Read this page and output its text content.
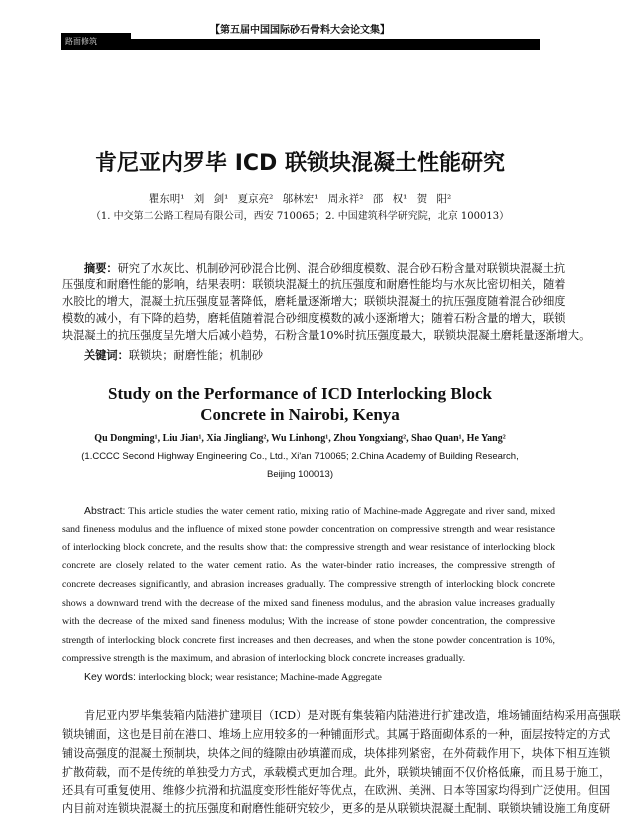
【第五届中国国际砂石骨料大会论文集】
路面修筑
肯尼亚内罗毕 ICD 联锁块混凝土性能研究
瞿东明¹ 刘 剑¹ 夏京亮² 邬林宏¹ 周永祥² 邵 权¹ 贺 阳²
（1. 中交第二公路工程局有限公司，西安 710065；2. 中国建筑科学研究院，北京 100013）
摘要：研究了水灰比、机制砂河砂混合比例、混合砂细度模数、混合砂石粉含量对联锁块混凝土抗
压强度和耐磨性能的影响，结果表明：联锁块混凝土的抗压强度和耐磨性能均与水灰比密切相关，随着
水胶比的增大，混凝土抗压强度显著降低，磨耗量逐渐增大；联锁块混凝土的抗压强度随着混合砂细度
模数的减小，有下降的趋势，磨耗值随着混合砂细度模数的减小逐渐增大；随着石粉含量的增大，联锁
块混凝土的抗压强度呈先增大后减小趋势，石粉含量10%时抗压强度最大，联锁块混凝土磨耗量逐渐增大。
关键词：联锁块；耐磨性能；机制砂
Study on the Performance of ICD Interlocking Block
Concrete in Nairobi, Kenya
Qu Dongming¹, Liu Jian¹, Xia Jingliang², Wu Linhong¹, Zhou Yongxiang², Shao Quan¹, He Yang²
(1.CCCC Second Highway Engineering Co., Ltd., Xi'an 710065; 2.China Academy of Building Research,
Beijing 100013)
Abstract: This article studies the water cement ratio, mixing ratio of Machine-made Aggregate and river sand, mixed
sand fineness modulus and the influence of mixed stone powder concentration on compressive strength and wear resistance
of interlocking block concrete, and the results show that: the compressive strength and wear resistance of interlocking block
concrete are closely related to the water cement ratio. As the water-binder ratio increases, the compressive strength of
concrete decreases significantly, and abrasion increases gradually. The compressive strength of interlocking block concrete
shows a downward trend with the decrease of the mixed sand fineness modulus, and the abrasion value increases gradually
with the decrease of the mixed sand fineness modulus; With the increase of stone powder concentration, the compressive
strength of interlocking block concrete first increases and then decreases, and when the stone powder concentration is 10%,
compressive strength is the maximum, and abrasion of interlocking block concrete increases gradually.
Key words: interlocking block; wear resistance; Machine-made Aggregate
肯尼亚内罗毕集装箱内陆港扩建项目（ICD）是对既有集装箱内陆港进行扩建改造，堆场铺面结构采用高强联
锁块铺面，这也是目前在港口、堆场上应用较多的一种铺面形式。其属于路面砌体系的一种，面层按特定的方式
铺设高强度的混凝土预制块，块体之间的缝隙由砂填灌而成，块体排列紧密，在外荷载作用下，块体下相互连锁
扩散荷载，而不是传统的单独受力方式，承载模式更加合理。此外，联锁块铺面不仅价格低廉，而且易于施工，
还具有可重复使用、维修少抗滑和抗温度变形性能好等优点，在欧洲、美洲、日本等国家均得到广泛使用。但国
内目前对连锁块混凝土的抗压强度和耐磨性能研究较少，更多的是从联锁块混凝土配制、联锁块铺设施工角度研
